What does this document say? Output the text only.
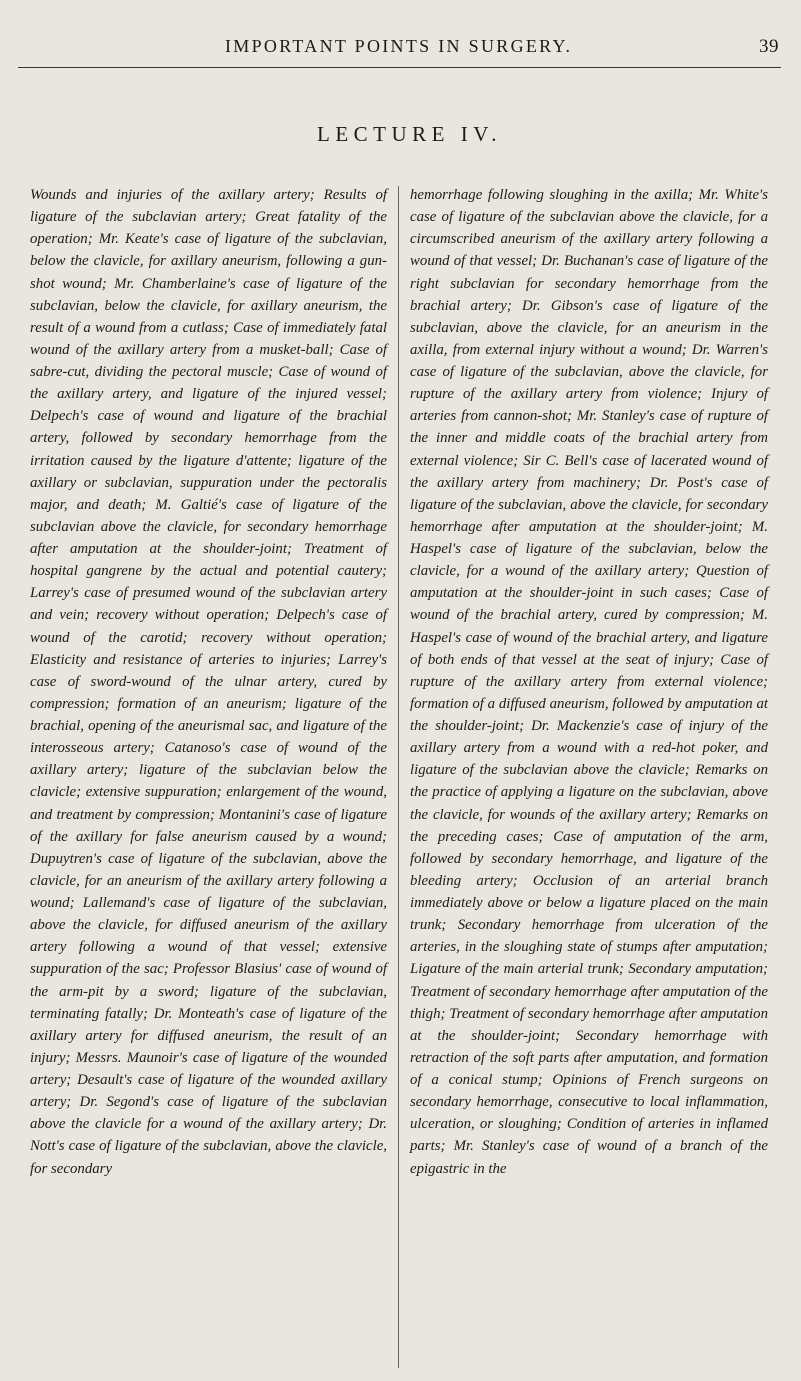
IMPORTANT POINTS IN SURGERY.	39
LECTURE IV.

Wounds and injuries of the axillary artery; Results of ligature of the subclavian artery; Great fatality of the operation; Mr. Keate's case of ligature of the subclavian, below the clavicle, for axillary aneurism, following a gun-shot wound; Mr. Chamberlaine's case of ligature of the subclavian, below the clavicle, for axillary aneurism, the result of a wound from a cutlass; Case of immediately fatal wound of the axillary artery from a musket-ball; Case of sabre-cut, dividing the pectoral muscle; Case of wound of the axillary artery, and ligature of the injured vessel; Delpech's case of wound and ligature of the brachial artery, followed by secondary hemorrhage from the irritation caused by the ligature d'attente; ligature of the axillary or subclavian, suppuration under the pectoralis major, and death; M. Galtié's case of ligature of the subclavian above the clavicle, for secondary hemorrhage after amputation at the shoulder-joint; Treatment of hospital gangrene by the actual and potential cautery; Larrey's case of presumed wound of the subclavian artery and vein; recovery without operation; Delpech's case of wound of the carotid; recovery without operation; Elasticity and resistance of arteries to injuries; Larrey's case of sword-wound of the ulnar artery, cured by compression; formation of an aneurism; ligature of the brachial, opening of the aneurismal sac, and ligature of the interosseous artery; Catanoso's case of wound of the axillary artery; ligature of the subclavian below the clavicle; extensive suppuration; enlargement of the wound, and treatment by compression; Montanini's case of ligature of the axillary for false aneurism caused by a wound; Dupuytren's case of ligature of the subclavian, above the clavicle, for an aneurism of the axillary artery following a wound; Lallemand's case of ligature of the subclavian, above the clavicle, for diffused aneurism of the axillary artery following a wound of that vessel; extensive suppuration of the sac; Professor Blasius' case of wound of the arm-pit by a sword; ligature of the subclavian, terminating fatally; Dr. Monteath's case of ligature of the axillary artery for diffused aneurism, the result of an injury; Messrs. Maunoir's case of ligature of the wounded artery; Desault's case of ligature of the wounded axillary artery; Dr. Segond's case of ligature of the subclavian above the clavicle for a wound of the axillary artery; Dr. Nott's case of ligature of the subclavian, above the clavicle, for secondary

hemorrhage following sloughing in the axilla; Mr. White's case of ligature of the subclavian above the clavicle, for a circumscribed aneurism of the axillary artery following a wound of that vessel; Dr. Buchanan's case of ligature of the right subclavian for secondary hemorrhage from the brachial artery; Dr. Gibson's case of ligature of the subclavian, above the clavicle, for an aneurism in the axilla, from external injury without a wound; Dr. Warren's case of ligature of the subclavian, above the clavicle, for rupture of the axillary artery from violence; Injury of arteries from cannon-shot; Mr. Stanley's case of rupture of the inner and middle coats of the brachial artery from external violence; Sir C. Bell's case of lacerated wound of the axillary artery from machinery; Dr. Post's case of ligature of the subclavian, above the clavicle, for secondary hemorrhage after amputation at the shoulder-joint; M. Haspel's case of ligature of the subclavian, below the clavicle, for a wound of the axillary artery; Question of amputation at the shoulder-joint in such cases; Case of wound of the brachial artery, cured by compression; M. Haspel's case of wound of the brachial artery, and ligature of both ends of that vessel at the seat of injury; Case of rupture of the axillary artery from external violence; formation of a diffused aneurism, followed by amputation at the shoulder-joint; Dr. Mackenzie's case of injury of the axillary artery from a wound with a red-hot poker, and ligature of the subclavian above the clavicle; Remarks on the practice of applying a ligature on the subclavian, above the clavicle, for wounds of the axillary artery; Remarks on the preceding cases; Case of amputation of the arm, followed by secondary hemorrhage, and ligature of the bleeding artery; Occlusion of an arterial branch immediately above or below a ligature placed on the main trunk; Secondary hemorrhage from ulceration of the arteries, in the sloughing state of stumps after amputation; Ligature of the main arterial trunk; Secondary amputation; Treatment of secondary hemorrhage after amputation of the thigh; Treatment of secondary hemorrhage after amputation at the shoulder-joint; Secondary hemorrhage with retraction of the soft parts after amputation, and formation of a conical stump; Opinions of French surgeons on secondary hemorrhage, consecutive to local inflammation, ulceration, or sloughing; Condition of arteries in inflamed parts; Mr. Stanley's case of wound of a branch of the epigastric in the
